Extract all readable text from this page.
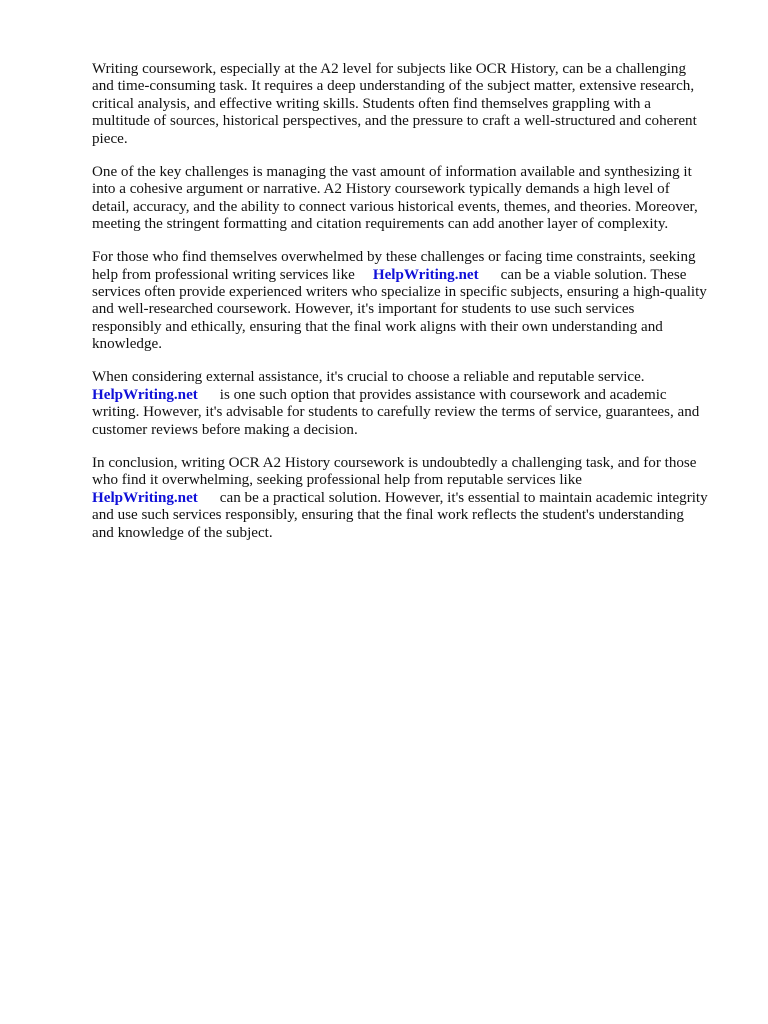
Writing coursework, especially at the A2 level for subjects like OCR History, can be a challenging
and time-consuming task. It requires a deep understanding of the subject matter, extensive research,
critical analysis, and effective writing skills. Students often find themselves grappling with a
multitude of sources, historical perspectives, and the pressure to craft a well-structured and coherent
piece.

One of the key challenges is managing the vast amount of information available and synthesizing it
into a cohesive argument or narrative. A2 History coursework typically demands a high level of
detail, accuracy, and the ability to connect various historical events, themes, and theories. Moreover,
meeting the stringent formatting and citation requirements can add another layer of complexity.

For those who find themselves overwhelmed by these challenges or facing time constraints, seeking
help from professional writing services like HelpWriting.net can be a viable solution. These
services often provide experienced writers who specialize in specific subjects, ensuring a high-quality
and well-researched coursework. However, it's important for students to use such services
responsibly and ethically, ensuring that the final work aligns with their own understanding and
knowledge.

When considering external assistance, it's crucial to choose a reliable and reputable service.
HelpWriting.net is one such option that provides assistance with coursework and academic
writing. However, it's advisable for students to carefully review the terms of service, guarantees, and
customer reviews before making a decision.

In conclusion, writing OCR A2 History coursework is undoubtedly a challenging task, and for those
who find it overwhelming, seeking professional help from reputable services like
HelpWriting.net can be a practical solution. However, it's essential to maintain academic integrity
and use such services responsibly, ensuring that the final work reflects the student's understanding
and knowledge of the subject.
